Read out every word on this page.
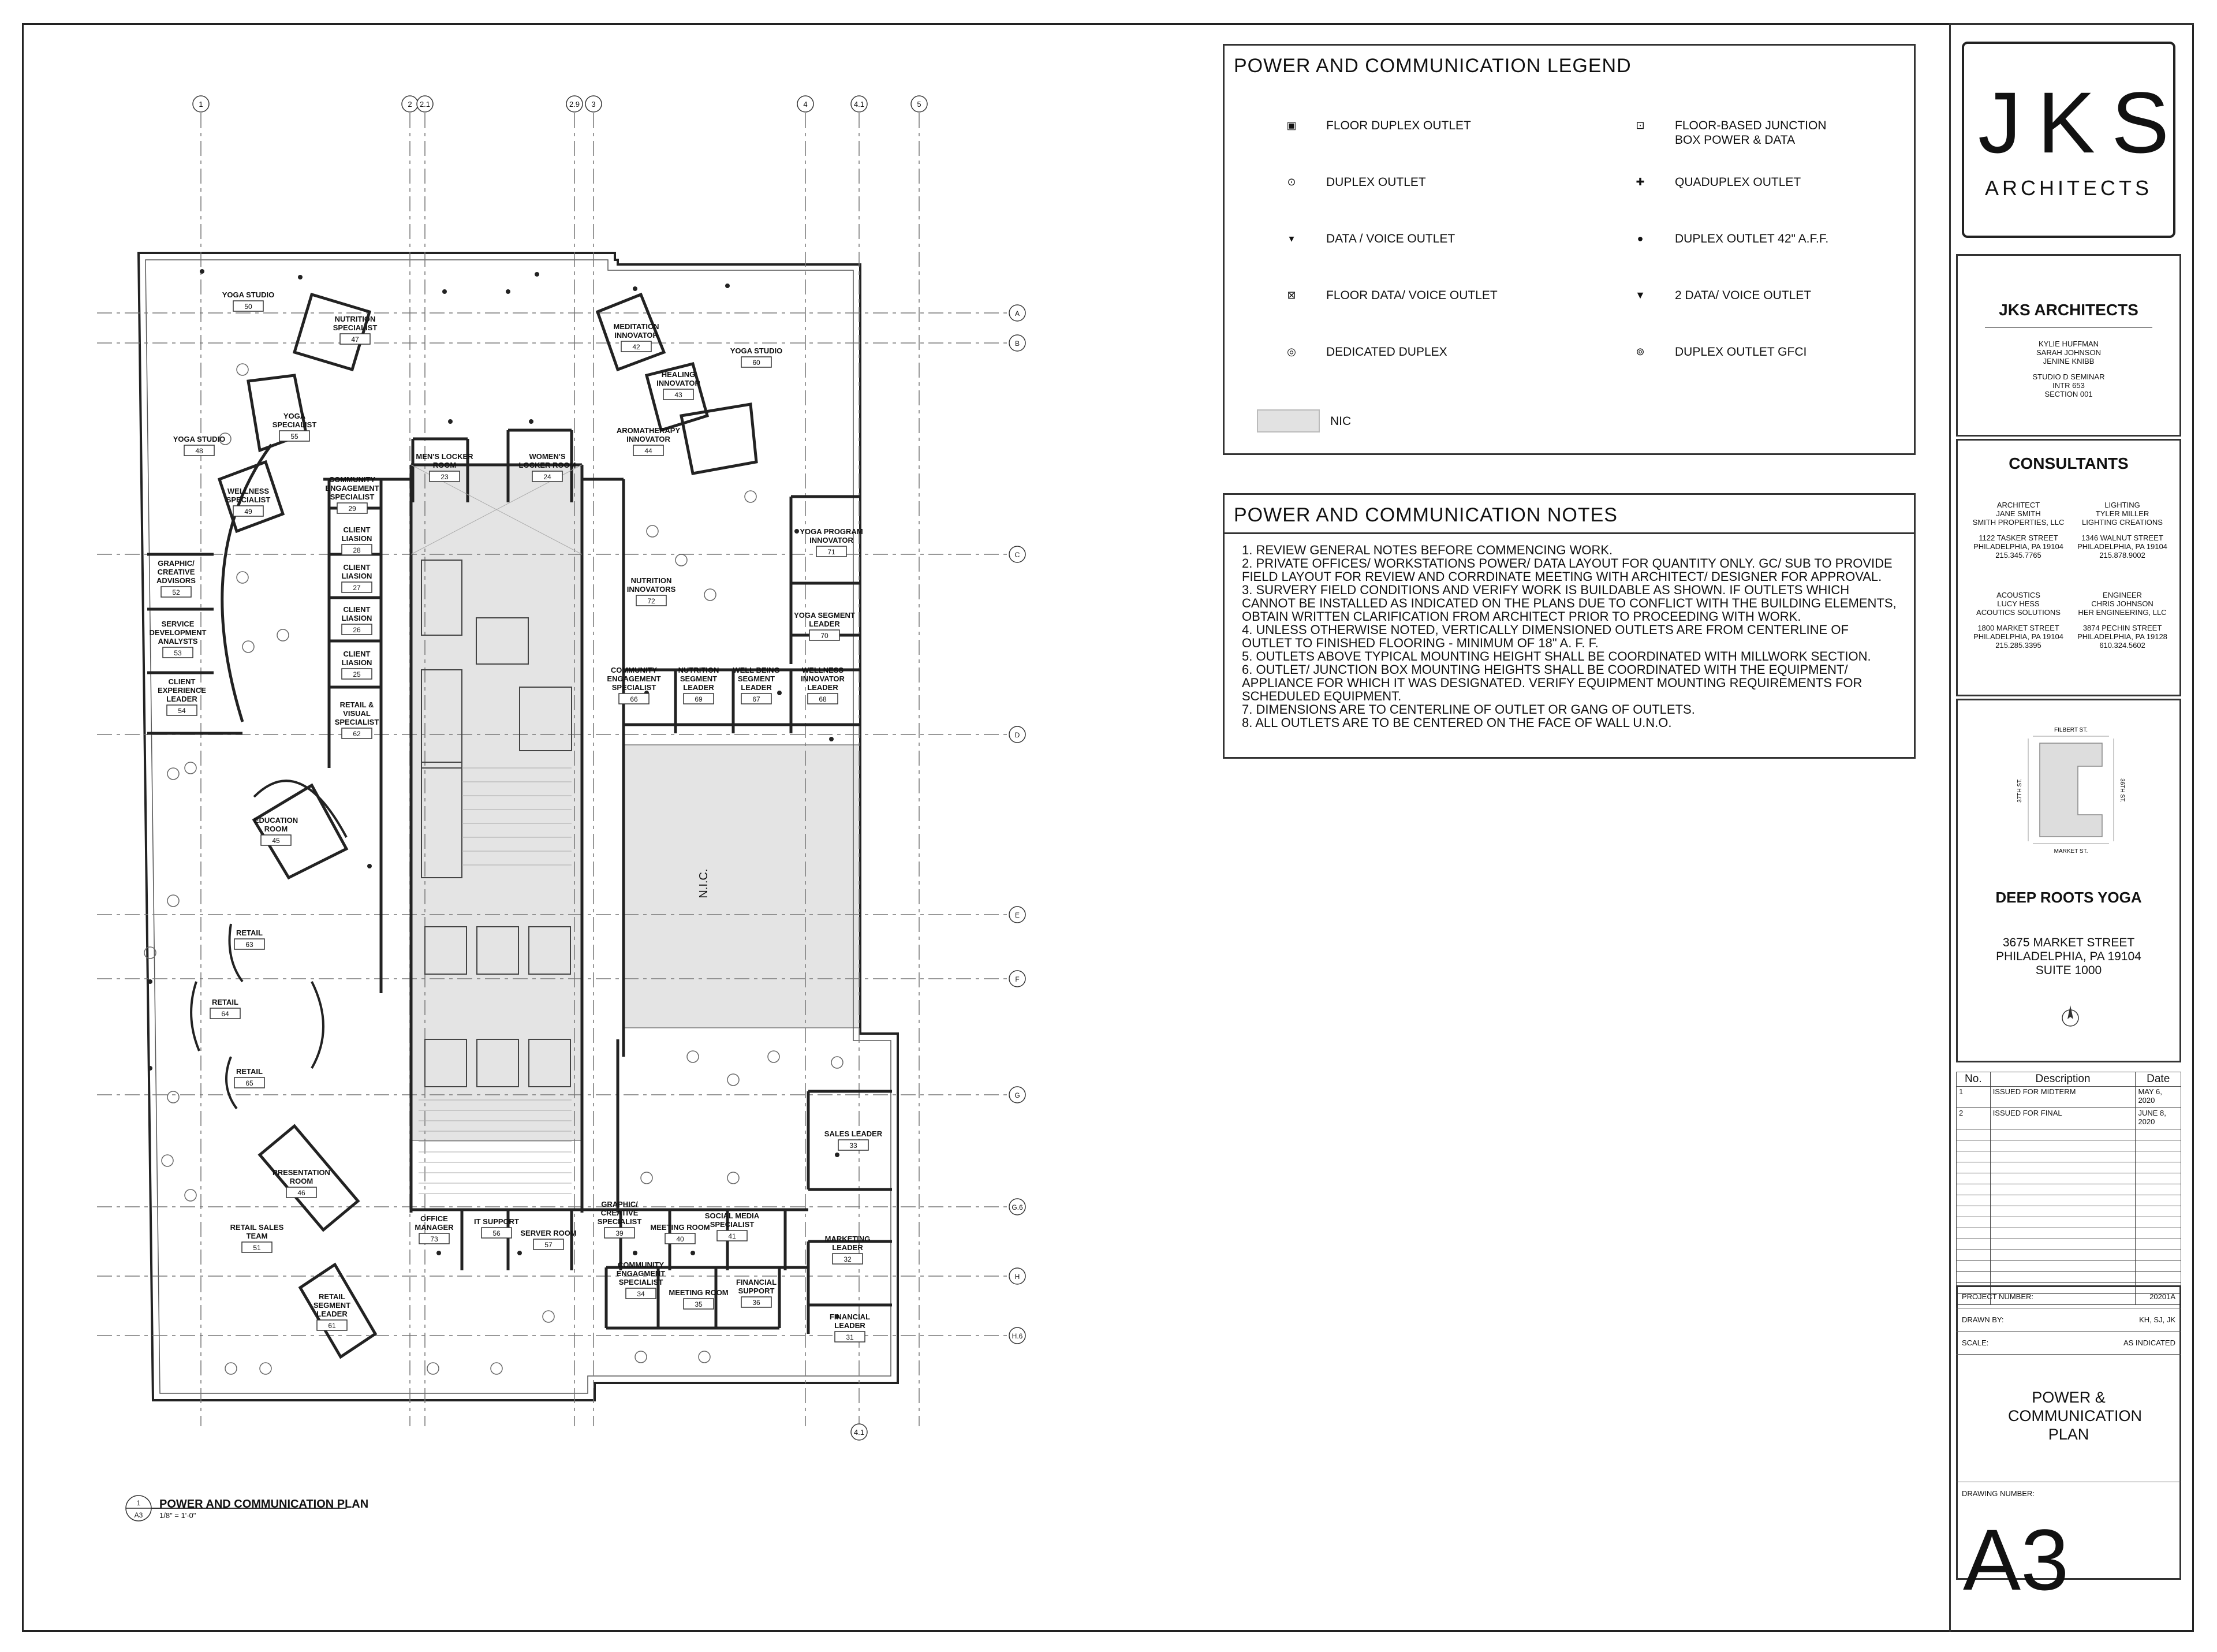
N.I.C.
1	2 2.1	2.9 3	4	4.1	5
4.1
A
B
C
D
E
F
G
G.6
H
H.6
YOGA STUDIO
50
NUTRITION
SPECIALIST
47
YOGA
SPECIALIST
55
YOGA STUDIO
48
WELLNESS
SPECIALIST
49
COMMUNITY
ENGAGEMENT
SPECIALIST
29
CLIENT
LIASION
28
CLIENT
LIASION
27
CLIENT
LIASION
26
CLIENT
LIASION
25
GRAPHIC/
CREATIVE
ADVISORS
52
SERVICE
DEVELOPMENT
ANALYSTS
53
CLIENT
EXPERIENCE
LEADER
54
RETAIL &
VISUAL
SPECIALIST
62
EDUCATION
ROOM
45
RETAIL
63
RETAIL
64
RETAIL
65
PRESENTATION
ROOM
46
RETAIL SALES
TEAM
51
RETAIL
SEGMENT
LEADER
61
MEN'S LOCKER
ROOM
23
WOMEN'S
LOCKER ROOM
24
MEDITATION
INNOVATOR
42
HEALING
INNOVATOR
43
YOGA STUDIO
60
AROMATHERAPY
INNOVATOR
44
YOGA PROGRAM
INNOVATOR
71
NUTRITION
INNOVATORS
72
YOGA SEGMENT
LEADER
70
COMMUNITY
ENGAGEMENT
SPECIALIST
66
NUTRITION
SEGMENT
LEADER
69
WELL BEING
SEGMENT
LEADER
67
WELLNESS
INNOVATOR
LEADER
68
SALES LEADER
33
OFFICE
MANAGER
73
IT SUPPORT
56	SERVER ROOM
57
GRAPHIC/
CREATIVE
SPECIALIST
39
MEETING ROOM
40
SOCIAL MEDIA
SPECIALIST
41	MARKETING
LEADER
32
COMMUNITY
ENGAGMENT
SPECIALIST
34	MEETING ROOM
35
FINANCIAL
SUPPORT
36
FINANCIAL
LEADER
31
1
A3
POWER AND COMMUNICATION PLAN
1/8" = 1'-0"
POWER AND COMMUNICATION LEGEND
▣	FLOOR DUPLEX OUTLET	⊡	FLOOR-BASED JUNCTION BOX POWER & DATA
⊙	DUPLEX OUTLET	✚	QUADUPLEX OUTLET
▾	DATA / VOICE OUTLET	●	DUPLEX OUTLET 42" A.F.F.
⊠	FLOOR DATA/ VOICE OUTLET	▼	2 DATA/ VOICE OUTLET
◎	DEDICATED DUPLEX	⊚	DUPLEX OUTLET GFCI
NIC
POWER AND COMMUNICATION NOTES
1. REVIEW GENERAL NOTES BEFORE COMMENCING WORK.
2. PRIVATE OFFICES/ WORKSTATIONS POWER/ DATA LAYOUT FOR QUANTITY ONLY. GC/ SUB TO PROVIDE FIELD LAYOUT FOR REVIEW AND CORRDINATE MEETING WITH ARCHITECT/ DESIGNER FOR APPROVAL.
3. SURVERY FIELD CONDITIONS AND VERIFY WORK IS BUILDABLE AS SHOWN. IF OUTLETS WHICH CANNOT BE INSTALLED AS INDICATED ON THE PLANS DUE TO CONFLICT WITH THE BUILDING ELEMENTS, OBTAIN WRITTEN CLARIFICATION FROM ARCHITECT PRIOR TO PROCEEDING WITH WORK.
4. UNLESS OTHERWISE NOTED, VERTICALLY DIMENSIONED OUTLETS ARE FROM CENTERLINE OF OUTLET TO FINISHED FLOORING - MINIMUM OF 18" A. F. F.
5. OUTLETS ABOVE TYPICAL MOUNTING HEIGHT SHALL BE COORDINATED WITH MILLWORK SECTION.
6. OUTLET/ JUNCTION BOX MOUNTING HEIGHTS SHALL BE COORDINATED WITH THE EQUIPMENT/ APPLIANCE FOR WHICH IT WAS DESIGNATED. VERIFY EQUIPMENT MOUNTING REQUIREMENTS FOR SCHEDULED EQUIPMENT.
7. DIMENSIONS ARE TO CENTERLINE OF OUTLET OR GANG OF OUTLETS.
8. ALL OUTLETS ARE TO BE CENTERED ON THE FACE OF WALL U.N.O.
JKS
ARCHITECTS
JKS ARCHITECTS
KYLIE HUFFMAN
SARAH JOHNSON
JENINE KNIBB
STUDIO D SEMINAR
INTR 653
SECTION 001
CONSULTANTS
ARCHITECT
JANE SMITH
SMITH PROPERTIES, LLC
1122 TASKER STREET
PHILADELPHIA, PA 19104
215.345.7765
LIGHTING
TYLER MILLER
LIGHTING CREATIONS
1346 WALNUT STREET
PHILADELPHIA, PA 19104
215.878.9002
ACOUSTICS
LUCY HESS
ACOUTICS SOLUTIONS
1800 MARKET STREET
PHILADELPHIA, PA 19104
215.285.3395
ENGINEER
CHRIS JOHNSON
HER ENGINEERING, LLC
3874 PECHIN STREET
PHILADELPHIA, PA 19128
610.324.5602
FILBERT ST.
MARKET ST.
37TH ST.	36TH ST.
DEEP ROOTS YOGA
3675 MARKET STREET
PHILADELPHIA, PA 19104
SUITE 1000
No.	Description	Date
1	ISSUED FOR MIDTERM	MAY 6, 2020
2	ISSUED FOR FINAL	JUNE 8, 2020

PROJECT NUMBER:	20201A
DRAWN BY:	KH, SJ, JK
SCALE:	AS INDICATED
POWER & COMMUNICATION PLAN
DRAWING NUMBER:
A3
